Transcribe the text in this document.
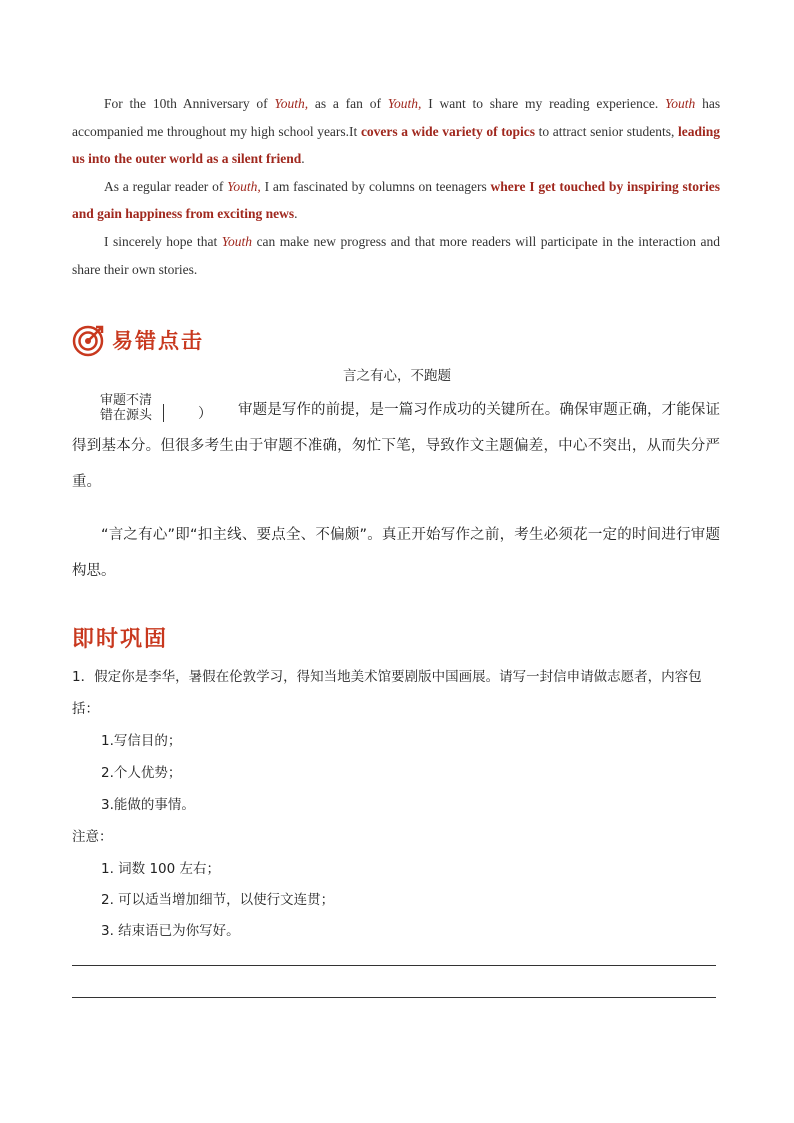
For the 10th Anniversary of Youth, as a fan of Youth, I want to share my reading experience. Youth has accompanied me throughout my high school years.It covers a wide variety of topics to attract senior students, leading us into the outer world as a silent friend.

As a regular reader of Youth, I am fascinated by columns on teenagers where I get touched by inspiring stories and gain happiness from exciting news.

I sincerely hope that Youth can make new progress and that more readers will participate in the interaction and share their own stories.

易错点击
言之有心，不跑题
审题不清
错在源头	）	审题是写作的前提，是一篇习作成功的关键所在。确保审题正确，才能保证得到基本分。但很多考生由于审题不准确，匆忙下笔，导致作文主题偏差，中心不突出，从而失分严重。
“言之有心”即“扣主线、要点全、不偏颇”。真正开始写作之前，考生必须花一定的时间进行审题构思。
即时巩固
1．假定你是李华，暑假在伦敦学习，得知当地美术馆要剧版中国画展。请写一封信申请做志愿者，内容包
括：
1.写信目的；
2.个人优势；
3.能做的事情。
注意：
1. 词数 100 左右；
2. 可以适当增加细节，以使行文连贯；
3. 结束语已为你写好。
